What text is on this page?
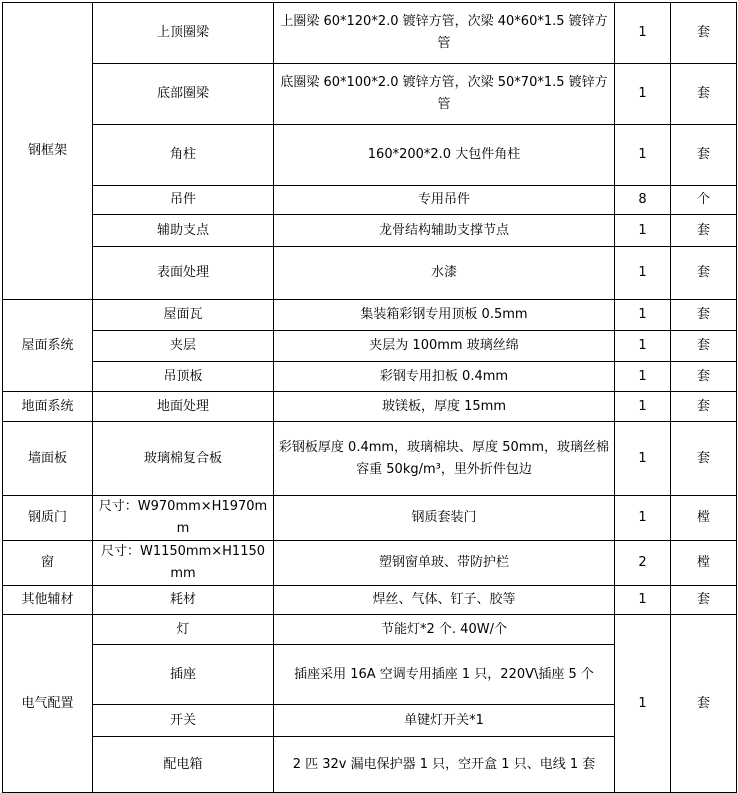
钢框架	上顶圈梁	上圈梁 60*120*2.0 镀锌方管，次梁 40*60*1.5 镀锌方管	1	套
	底部圈梁	底圈梁 60*100*2.0 镀锌方管，次梁 50*70*1.5 镀锌方管	1	套
	角柱	160*200*2.0 大包件角柱	1	套
	吊件	专用吊件	8	个
	辅助支点	龙骨结构辅助支撑节点	1	套
	表面处理	水漆	1	套
屋面系统	屋面瓦	集装箱彩钢专用顶板 0.5mm	1	套
	夹层	夹层为 100mm 玻璃丝绵	1	套
	吊顶板	彩钢专用扣板 0.4mm	1	套
地面系统	地面处理	玻镁板，厚度 15mm	1	套
墙面板	玻璃棉复合板	彩钢板厚度 0.4mm，玻璃棉块、厚度 50mm，玻璃丝棉容重 50kg/m³，里外折件包边	1	套
钢质门	尺寸：W970mm×H1970mm	钢质套装门	1	樘
窗	尺寸：W1150mm×H1150mm	塑钢窗单玻、带防护栏	2	樘
其他辅材	耗材	焊丝、气体、钉子、胶等	1	套
电气配置	灯	节能灯*2 个. 40W/个	1	套
	插座	插座采用 16A 空调专用插座 1 只，220V\插座 5 个		
	开关	单键灯开关*1		
	配电箱	2 匹 32v 漏电保护器 1 只，空开盒 1 只、电线 1 套		
